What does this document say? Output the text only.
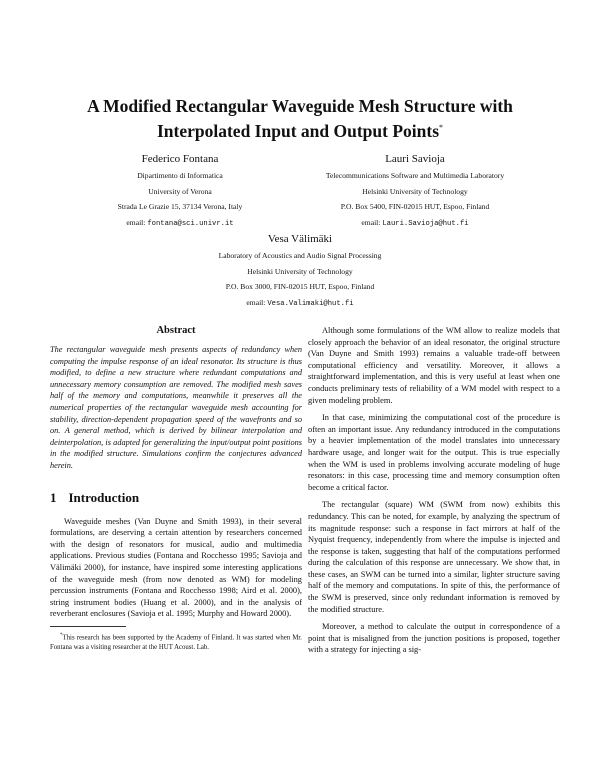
A Modified Rectangular Waveguide Mesh Structure with
Interpolated Input and Output Points*
Federico Fontana
Dipartimento di Informatica
University of Verona
Strada Le Grazie 15, 37134 Verona, Italy
email: fontana@sci.univr.it
Lauri Savioja
Telecommunications Software and Multimedia Laboratory
Helsinki University of Technology
P.O. Box 5400, FIN-02015 HUT, Espoo, Finland
email: Lauri.Savioja@hut.fi
Vesa Välimäki
Laboratory of Acoustics and Audio Signal Processing
Helsinki University of Technology
P.O. Box 3000, FIN-02015 HUT, Espoo, Finland
email: Vesa.Valimaki@hut.fi
Abstract

The rectangular waveguide mesh presents aspects of redundancy when computing the impulse response of an ideal resonator. Its structure is thus modified, to define a new structure where redundant computations and unnecessary memory consumption are removed. The modified mesh saves half of the memory and computations, meanwhile it preserves all the numerical properties of the rectangular waveguide mesh accounting for stability, direction-dependent propagation speed of the wavefronts and so on. A general method, which is derived by bilinear interpolation and deinterpolation, is adapted for generalizing the input/output point positions in the modified structure. Simulations confirm the conjectures advanced herein.

1 Introduction

Waveguide meshes (Van Duyne and Smith 1993), in their several formulations, are deserving a certain attention by researchers concerned with the design of resonators for musical, audio and multimedia applications. Previous studies (Fontana and Rocchesso 1995; Savioja and Välimäki 2000), for instance, have inspired some interesting applications of the waveguide mesh (from now denoted as WM) for modeling percussion instruments (Fontana and Rocchesso 1998; Aird et al. 2000), string instrument bodies (Huang et al. 2000), and in the analysis of reverberant enclosures (Savioja et al. 1995; Murphy and Howard 2000).

*This research has been supported by the Academy of Finland. It was started when Mr. Fontana was a visiting researcher at the HUT Acoust. Lab.

Although some formulations of the WM allow to realize models that closely approach the behavior of an ideal resonator, the original structure (Van Duyne and Smith 1993) remains a valuable trade-off between computational efficiency and versatility. Moreover, it allows a straightforward implementation, and this is very useful at least when one conducts preliminary tests of reliability of a WM model with respect to a given modeling problem.

In that case, minimizing the computational cost of the procedure is often an important issue. Any redundancy introduced in the computations by a heavier implementation of the model translates into unnecessary hardware usage, and longer wait for the output. This is true especially when the WM is used in problems involving accurate modeling of huge resonators: in this case, processing time and memory consumption often become a critical factor.

The rectangular (square) WM (SWM from now) exhibits this redundancy. This can be noted, for example, by analyzing the spectrum of its magnitude response: such a response in fact mirrors at half of the Nyquist frequency, independently from where the impulse is injected and the response is taken, suggesting that half of the computations performed during the calculation of this response are unnecessary. We show that, in these cases, an SWM can be turned into a similar, lighter structure saving half of the memory and computations. In spite of this, the performance of the SWM is preserved, since only redundant information is removed by the modified structure.

Moreover, a method to calculate the output in correspondence of a point that is misaligned from the junction positions is proposed, together with a strategy for injecting a sig-
